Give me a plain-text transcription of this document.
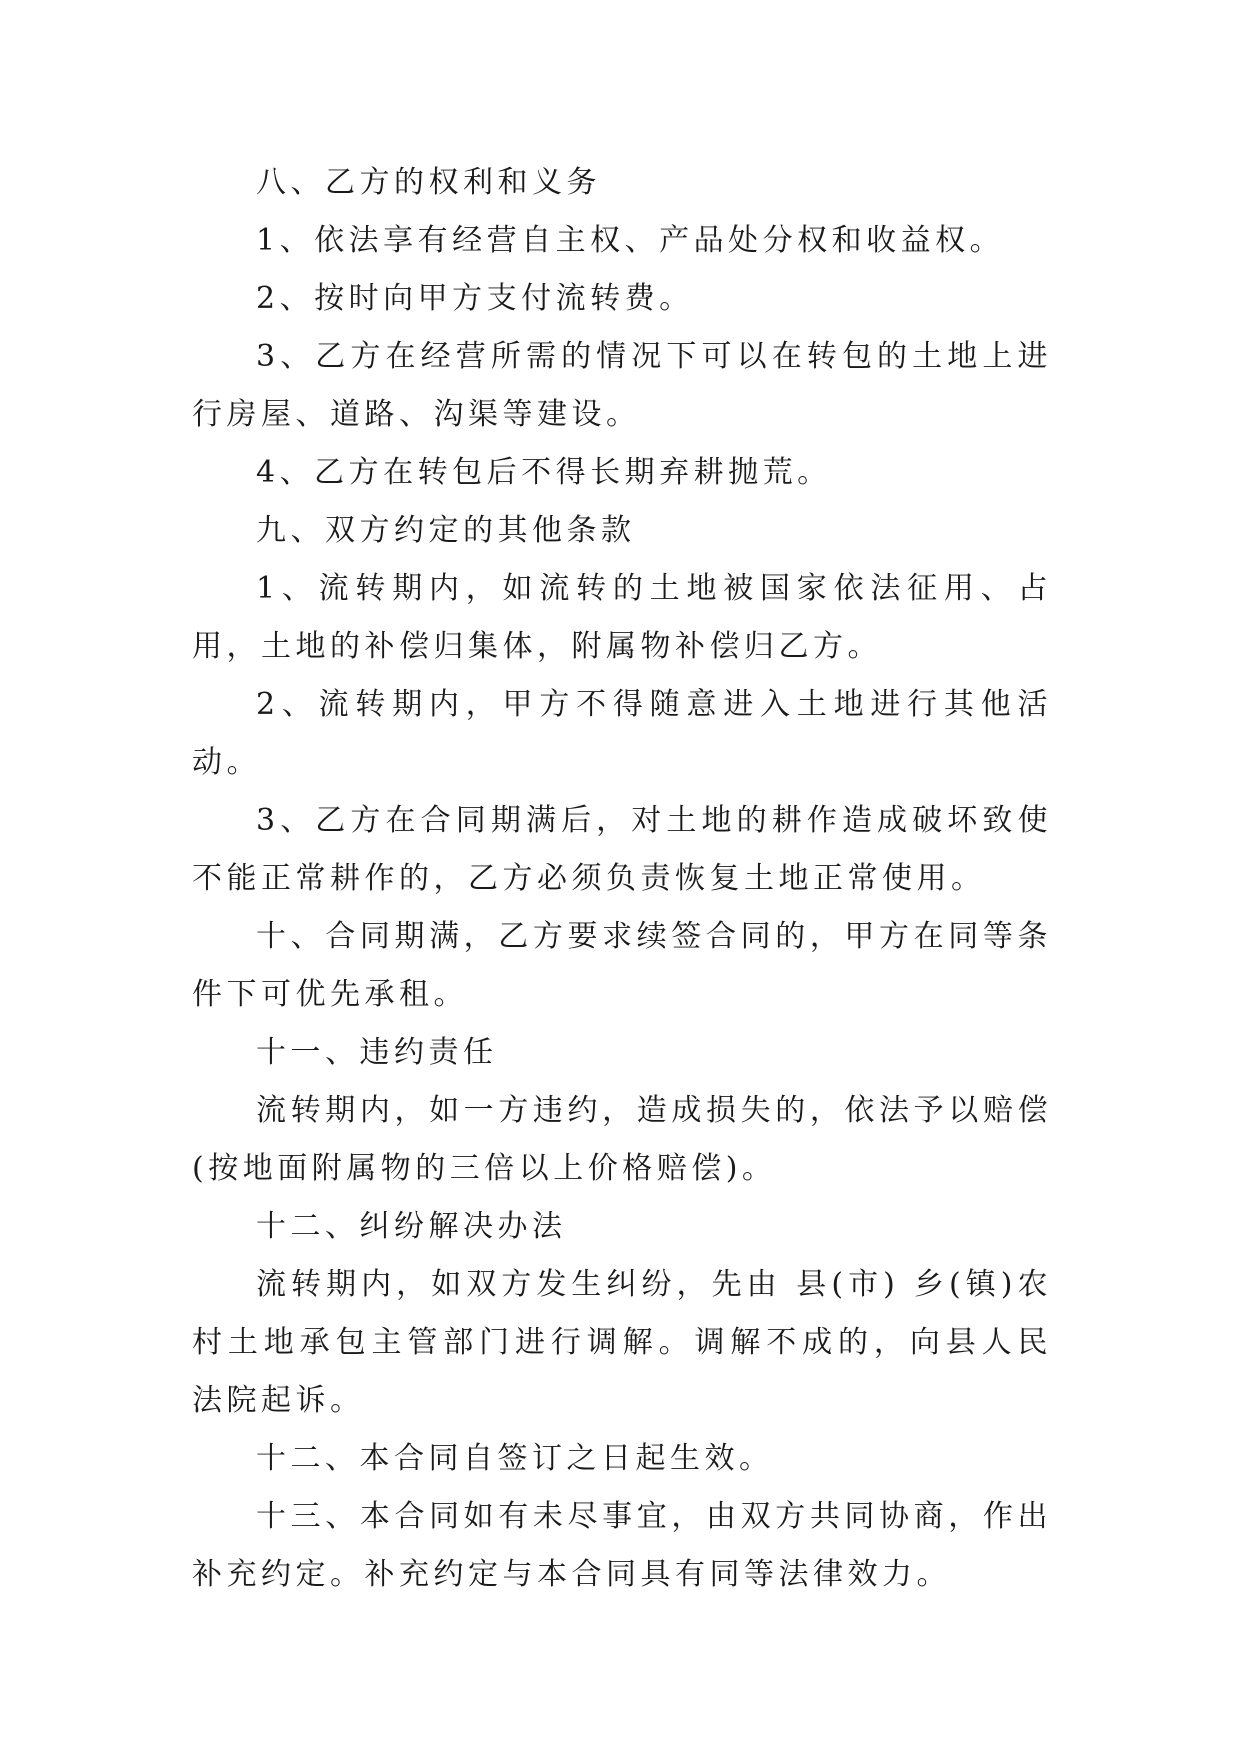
八、乙方的权利和义务

1、依法享有经营自主权、产品处分权和收益权。

2、按时向甲方支付流转费。

3、乙方在经营所需的情况下可以在转包的土地上进行房屋、道路、沟渠等建设。

4、乙方在转包后不得长期弃耕抛荒。

九、双方约定的其他条款

1、流转期内，如流转的土地被国家依法征用、占用，土地的补偿归集体，附属物补偿归乙方。

2、流转期内，甲方不得随意进入土地进行其他活动。

3、乙方在合同期满后，对土地的耕作造成破坏致使不能正常耕作的，乙方必须负责恢复土地正常使用。

十、合同期满，乙方要求续签合同的，甲方在同等条件下可优先承租。

十一、违约责任

流转期内，如一方违约，造成损失的，依法予以赔偿(按地面附属物的三倍以上价格赔偿)。

十二、纠纷解决办法

流转期内，如双方发生纠纷，先由 县(市) 乡(镇)农村土地承包主管部门进行调解。调解不成的，向县人民法院起诉。

十二、本合同自签订之日起生效。

十三、本合同如有未尽事宜，由双方共同协商，作出补充约定。补充约定与本合同具有同等法律效力。
